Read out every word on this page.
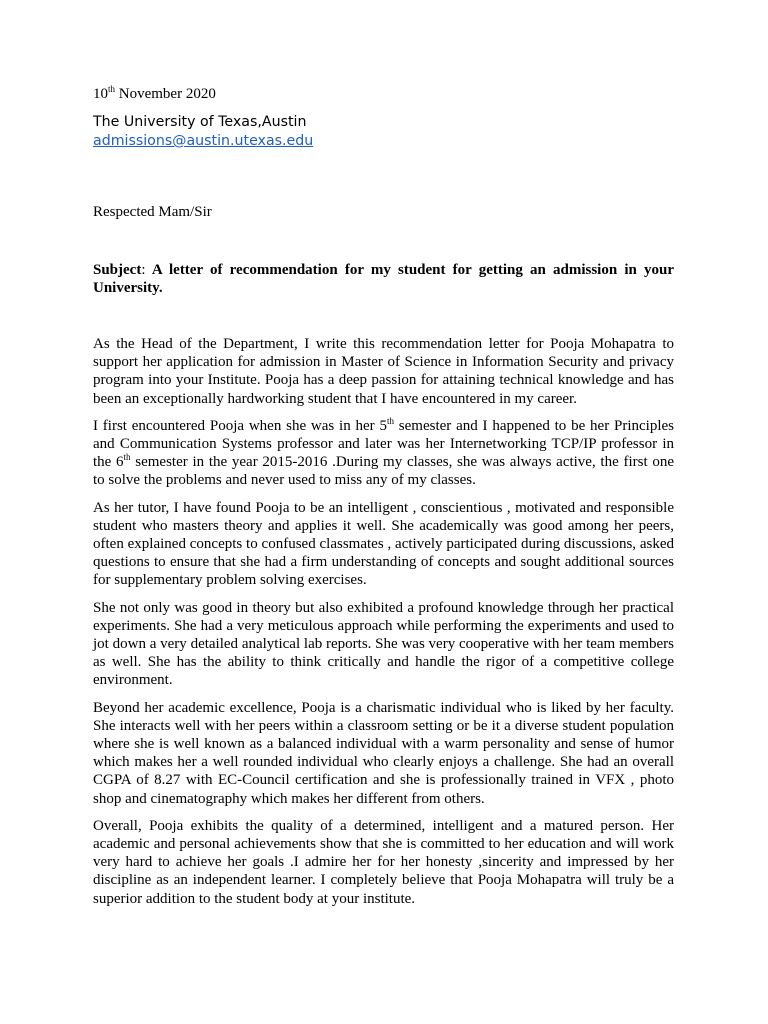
10th November 2020

The University of Texas,Austin

admissions@austin.utexas.edu

Respected Mam/Sir

Subject: A letter of recommendation for my student for getting an admission in your University.

As the Head of the Department, I write this recommendation letter for Pooja Mohapatra to support her application for admission in Master of Science in Information Security and privacy program into your Institute. Pooja has a deep passion for attaining technical knowledge and has been an exceptionally hardworking student that I have encountered in my career.

I first encountered Pooja when she was in her 5th semester and I happened to be her Principles and Communication Systems professor and later was her Internetworking TCP/IP professor in the 6th semester in the year 2015-2016 .During my classes, she was always active, the first one to solve the problems and never used to miss any of my classes.

As her tutor, I have found Pooja to be an intelligent , conscientious , motivated and responsible student who masters theory and applies it well. She academically was good among her peers, often explained concepts to confused classmates , actively participated during discussions, asked questions to ensure that she had a firm understanding of concepts and sought additional sources for supplementary problem solving exercises.

She not only was good in theory but also exhibited a profound knowledge through her practical experiments. She had a very meticulous approach while performing the experiments and used to jot down a very detailed analytical lab reports. She was very cooperative with her team members as well. She has the ability to think critically and handle the rigor of a competitive college environment.

Beyond her academic excellence, Pooja is a charismatic individual who is liked by her faculty. She interacts well with her peers within a classroom setting or be it a diverse student population where she is well known as a balanced individual with a warm personality and sense of humor which makes her a well rounded individual who clearly enjoys a challenge. She had an overall CGPA of 8.27 with EC-Council certification and she is professionally trained in VFX , photo shop and cinematography which makes her different from others.

Overall, Pooja exhibits the quality of a determined, intelligent and a matured person. Her academic and personal achievements show that she is committed to her education and will work very hard to achieve her goals .I admire her for her honesty ,sincerity and impressed by her discipline as an independent learner. I completely believe that Pooja Mohapatra will truly be a superior addition to the student body at your institute.
